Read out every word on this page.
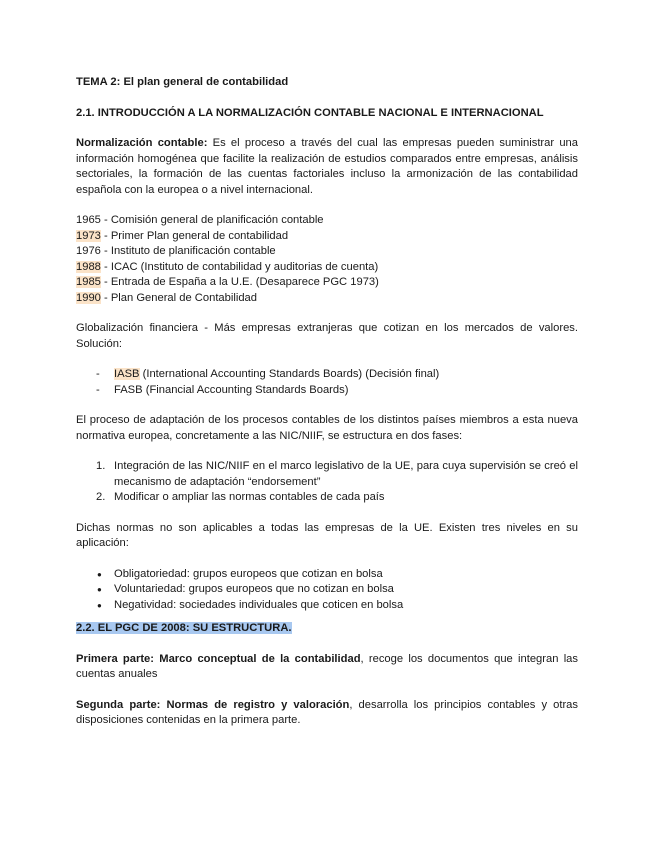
TEMA 2: El plan general de contabilidad

2.1. INTRODUCCIÓN A LA NORMALIZACIÓN CONTABLE NACIONAL E INTERNACIONAL

Normalización contable: Es el proceso a través del cual las empresas pueden suministrar una información homogénea que facilite la realización de estudios comparados entre empresas, análisis sectoriales, la formación de las cuentas factoriales incluso la armonización de las contabilidad española con la europea o a nivel internacional.

1965 - Comisión general de planificación contable
1973 - Primer Plan general de contabilidad
1976 - Instituto de planificación contable
1988 - ICAC (Instituto de contabilidad y auditorias de cuenta)
1985 - Entrada de España a la U.E. (Desaparece PGC 1973)
1990 - Plan General de Contabilidad

Globalización financiera - Más empresas extranjeras que cotizan en los mercados de valores. Solución:

- IASB (International Accounting Standards Boards) (Decisión final)
- FASB (Financial Accounting Standards Boards)

El proceso de adaptación de los procesos contables de los distintos países miembros a esta nueva normativa europea, concretamente a las NIC/NIIF, se estructura en dos fases:

1. Integración de las NIC/NIIF en el marco legislativo de la UE, para cuya supervisión se creó el mecanismo de adaptación “endorsement”
2. Modificar o ampliar las normas contables de cada país

Dichas normas no son aplicables a todas las empresas de la UE. Existen tres niveles en su aplicación:

● Obligatoriedad: grupos europeos que cotizan en bolsa
● Voluntariedad: grupos europeos que no cotizan en bolsa
● Negatividad: sociedades individuales que coticen en bolsa

2.2. EL PGC DE 2008: SU ESTRUCTURA.

Primera parte: Marco conceptual de la contabilidad, recoge los documentos que integran las cuentas anuales

Segunda parte: Normas de registro y valoración, desarrolla los principios contables y otras disposiciones contenidas en la primera parte.
